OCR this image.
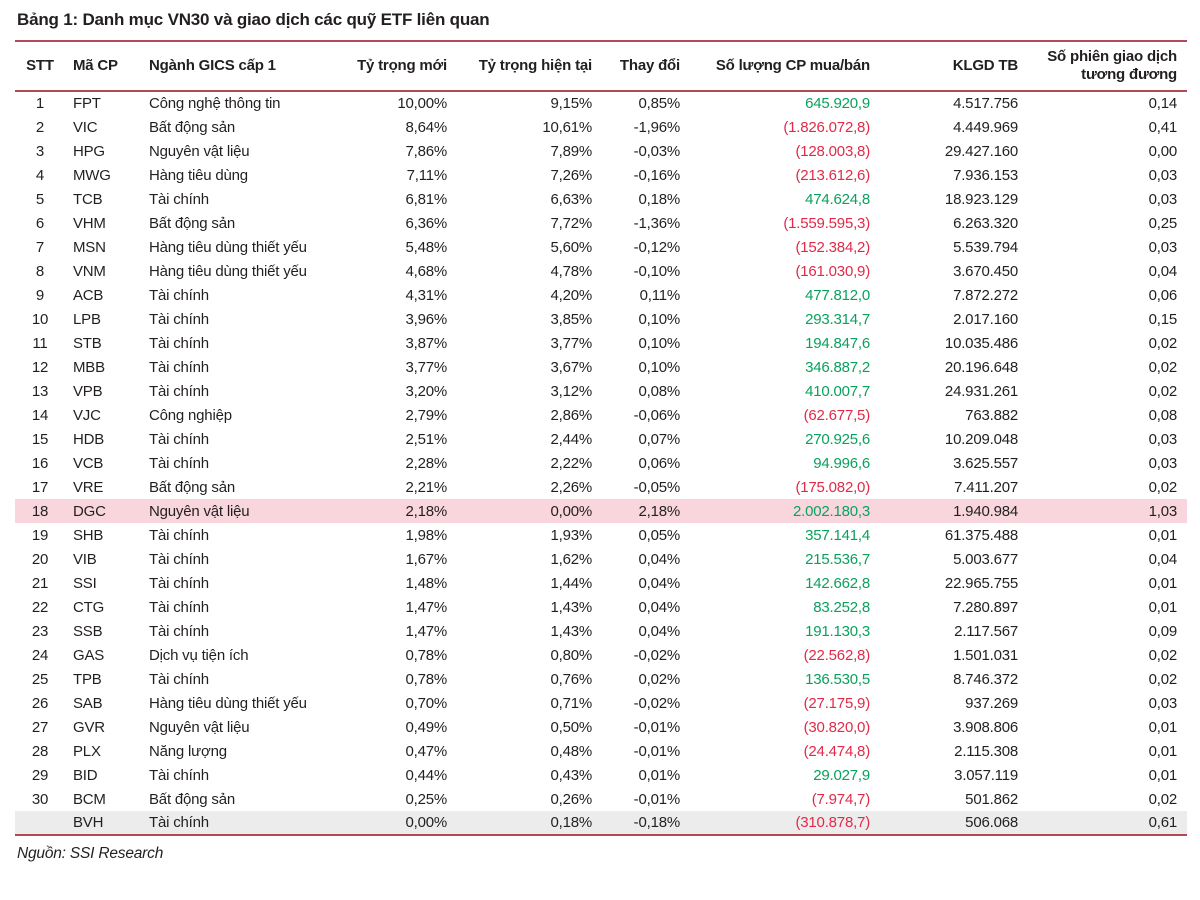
Bảng 1: Danh mục VN30 và giao dịch các quỹ ETF liên quan
STT	Mã CP	Ngành GICS cấp 1	Tỷ trọng mới	Tỷ trọng hiện tại	Thay đổi	Số lượng CP mua/bán	KLGD TB	Số phiên giao dịch tương đương
1	FPT	Công nghệ thông tin	10,00%	9,15%	0,85%	645.920,9	4.517.756	0,14
2	VIC	Bất động sản	8,64%	10,61%	-1,96%	(1.826.072,8)	4.449.969	0,41
3	HPG	Nguyên vật liệu	7,86%	7,89%	-0,03%	(128.003,8)	29.427.160	0,00
4	MWG	Hàng tiêu dùng	7,11%	7,26%	-0,16%	(213.612,6)	7.936.153	0,03
5	TCB	Tài chính	6,81%	6,63%	0,18%	474.624,8	18.923.129	0,03
6	VHM	Bất động sản	6,36%	7,72%	-1,36%	(1.559.595,3)	6.263.320	0,25
7	MSN	Hàng tiêu dùng thiết yếu	5,48%	5,60%	-0,12%	(152.384,2)	5.539.794	0,03
8	VNM	Hàng tiêu dùng thiết yếu	4,68%	4,78%	-0,10%	(161.030,9)	3.670.450	0,04
9	ACB	Tài chính	4,31%	4,20%	0,11%	477.812,0	7.872.272	0,06
10	LPB	Tài chính	3,96%	3,85%	0,10%	293.314,7	2.017.160	0,15
11	STB	Tài chính	3,87%	3,77%	0,10%	194.847,6	10.035.486	0,02
12	MBB	Tài chính	3,77%	3,67%	0,10%	346.887,2	20.196.648	0,02
13	VPB	Tài chính	3,20%	3,12%	0,08%	410.007,7	24.931.261	0,02
14	VJC	Công nghiệp	2,79%	2,86%	-0,06%	(62.677,5)	763.882	0,08
15	HDB	Tài chính	2,51%	2,44%	0,07%	270.925,6	10.209.048	0,03
16	VCB	Tài chính	2,28%	2,22%	0,06%	94.996,6	3.625.557	0,03
17	VRE	Bất động sản	2,21%	2,26%	-0,05%	(175.082,0)	7.411.207	0,02
18	DGC	Nguyên vật liệu	2,18%	0,00%	2,18%	2.002.180,3	1.940.984	1,03
19	SHB	Tài chính	1,98%	1,93%	0,05%	357.141,4	61.375.488	0,01
20	VIB	Tài chính	1,67%	1,62%	0,04%	215.536,7	5.003.677	0,04
21	SSI	Tài chính	1,48%	1,44%	0,04%	142.662,8	22.965.755	0,01
22	CTG	Tài chính	1,47%	1,43%	0,04%	83.252,8	7.280.897	0,01
23	SSB	Tài chính	1,47%	1,43%	0,04%	191.130,3	2.117.567	0,09
24	GAS	Dịch vụ tiện ích	0,78%	0,80%	-0,02%	(22.562,8)	1.501.031	0,02
25	TPB	Tài chính	0,78%	0,76%	0,02%	136.530,5	8.746.372	0,02
26	SAB	Hàng tiêu dùng thiết yếu	0,70%	0,71%	-0,02%	(27.175,9)	937.269	0,03
27	GVR	Nguyên vật liệu	0,49%	0,50%	-0,01%	(30.820,0)	3.908.806	0,01
28	PLX	Năng lượng	0,47%	0,48%	-0,01%	(24.474,8)	2.115.308	0,01
29	BID	Tài chính	0,44%	0,43%	0,01%	29.027,9	3.057.119	0,01
30	BCM	Bất động sản	0,25%	0,26%	-0,01%	(7.974,7)	501.862	0,02
	BVH	Tài chính	0,00%	0,18%	-0,18%	(310.878,7)	506.068	0,61
Nguồn: SSI Research
